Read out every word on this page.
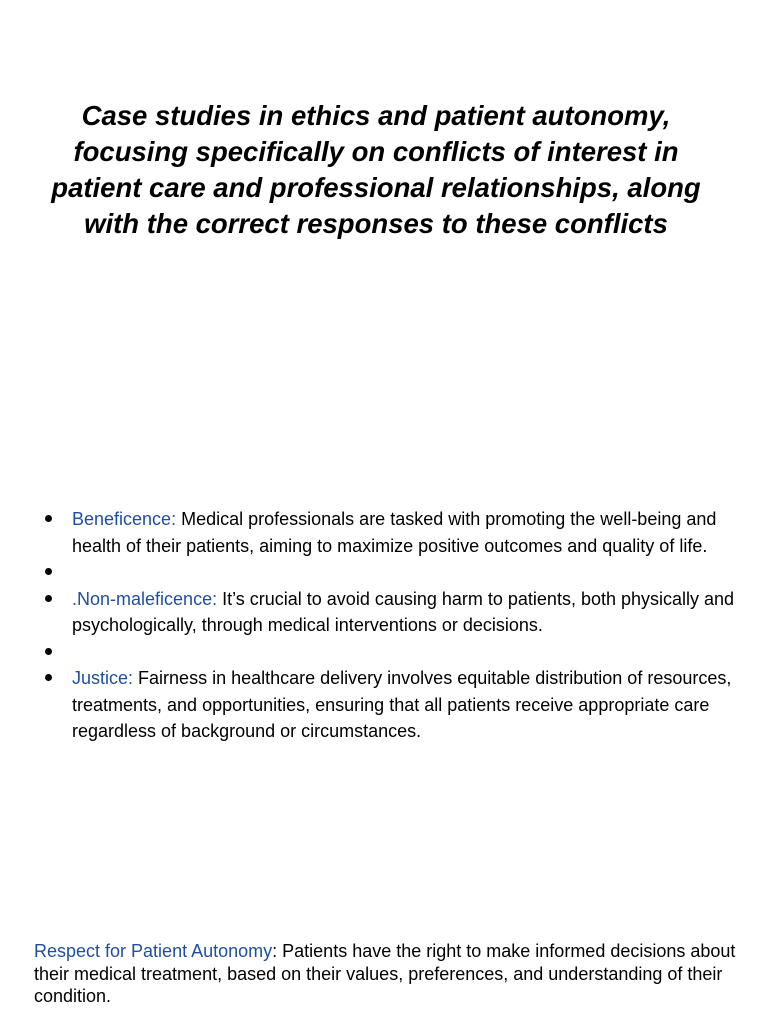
Case studies in ethics and patient autonomy, focusing specifically on conflicts of interest in patient care and professional relationships, along with the correct responses to these conflicts
Beneficence: Medical professionals are tasked with promoting the well-being and health of their patients, aiming to maximize positive outcomes and quality of life.
.Non-maleficence: It’s crucial to avoid causing harm to patients, both physically and psychologically, through medical interventions or decisions.
Justice: Fairness in healthcare delivery involves equitable distribution of resources, treatments, and opportunities, ensuring that all patients receive appropriate care regardless of background or circumstances.

Respect for Patient Autonomy: Patients have the right to make informed decisions about their medical treatment, based on their values, preferences, and understanding of their condition.
